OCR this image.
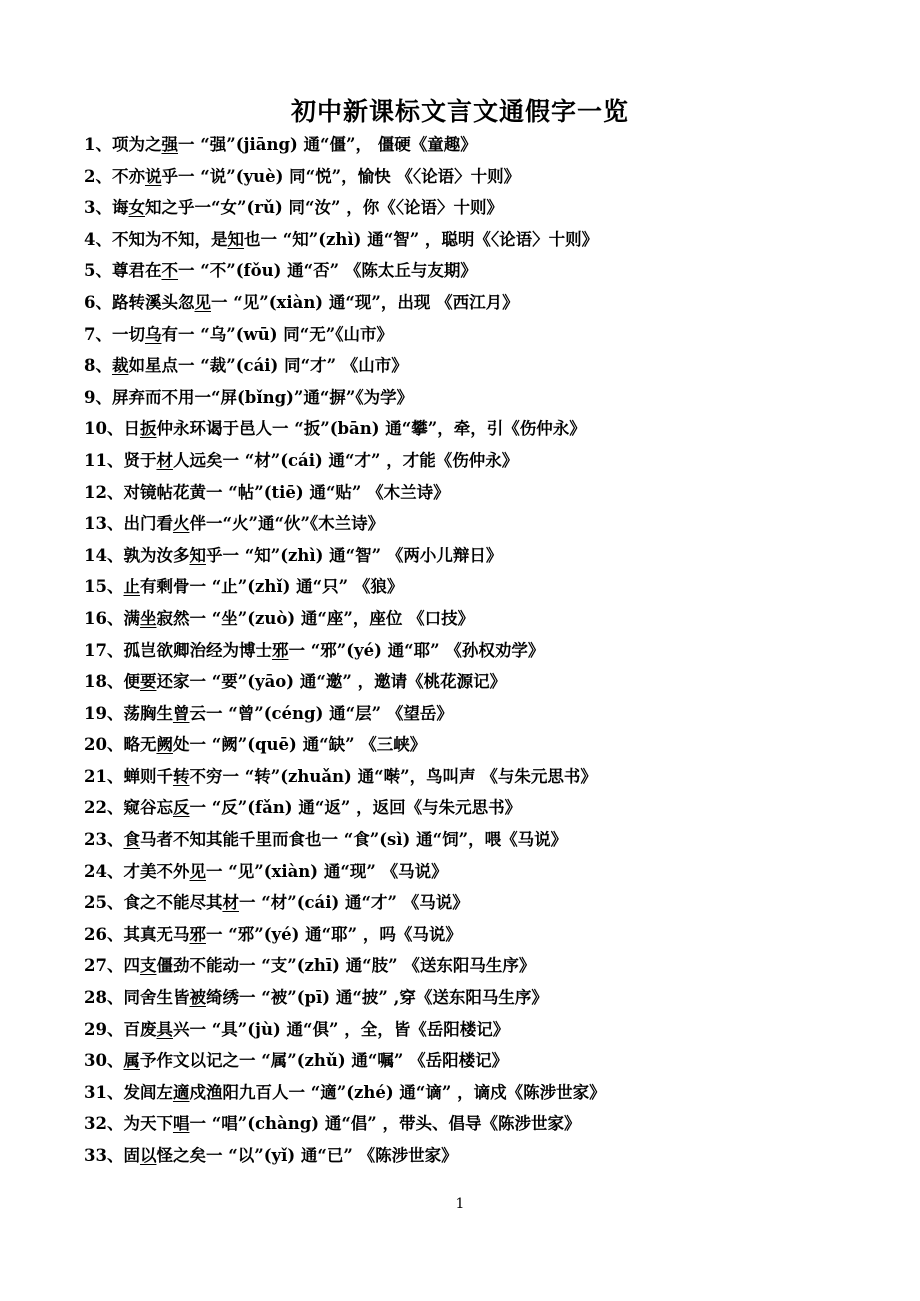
初中新课标文言文通假字一览
1、项为之强一 “强”(jiāng) 通“僵”， 僵硬《童趣》
2、不亦说乎一 “说”(yuè) 同“悦”，愉快 《〈论语〉十则》
3、诲女知之乎一“女”(rǔ) 同“汝” ，你《〈论语〉十则》
4、不知为不知，是知也一 “知”(zhì) 通“智” ，聪明《〈论语〉十则》
5、尊君在不一 “不”(fǒu) 通“否” 《陈太丘与友期》
6、路转溪头忽见一 “见”(xiàn) 通“现”，出现 《西江月》
7、一切乌有一 “乌”(wū) 同“无”《山市》
8、裁如星点一 “裁”(cái) 同“才” 《山市》
9、屏弃而不用一“屏(bǐng)”通“摒”《为学》
10、日扳仲永环谒于邑人一 “扳”(bān) 通“攀”，牵，引《伤仲永》
11、贤于材人远矣一 “材”(cái) 通“才” ，才能《伤仲永》
12、对镜帖花黄一 “帖”(tiē) 通“贴” 《木兰诗》
13、出门看火伴一“火”通“伙”《木兰诗》
14、孰为汝多知乎一 “知”(zhì) 通“智” 《两小儿辩日》
15、止有剩骨一 “止”(zhǐ) 通“只” 《狼》
16、满坐寂然一 “坐”(zuò) 通“座”，座位 《口技》
17、孤岂欲卿治经为博士邪一 “邪”(yé) 通“耶” 《孙权劝学》
18、便要还家一 “要”(yāo) 通“邀” ，邀请《桃花源记》
19、荡胸生曾云一 “曾”(céng) 通“层” 《望岳》
20、略无阙处一 “阙”(quē) 通“缺” 《三峡》
21、蝉则千转不穷一 “转”(zhuǎn) 通“啭”，鸟叫声 《与朱元思书》
22、窥谷忘反一 “反”(fǎn) 通“返” ，返回《与朱元思书》
23、食马者不知其能千里而食也一 “食”(sì) 通“饲”，喂《马说》
24、才美不外见一 “见”(xiàn) 通“现” 《马说》
25、食之不能尽其材一 “材”(cái) 通“才” 《马说》
26、其真无马邪一 “邪”(yé) 通“耶” ，吗《马说》
27、四支僵劲不能动一 “支”(zhī) 通“肢” 《送东阳马生序》
28、同舍生皆被绮绣一 “被”(pī) 通“披” ,穿《送东阳马生序》
29、百废具兴一 “具”(jù) 通“俱” ，全，皆《岳阳楼记》
30、属予作文以记之一 “属”(zhǔ) 通“嘱” 《岳阳楼记》
31、发闾左適戍渔阳九百人一 “適”(zhé) 通“谪” ，谪戍《陈涉世家》
32、为天下唱一 “唱”(chàng) 通“倡” ，带头、倡导《陈涉世家》
33、固以怪之矣一 “以”(yǐ) 通“已” 《陈涉世家》
1
